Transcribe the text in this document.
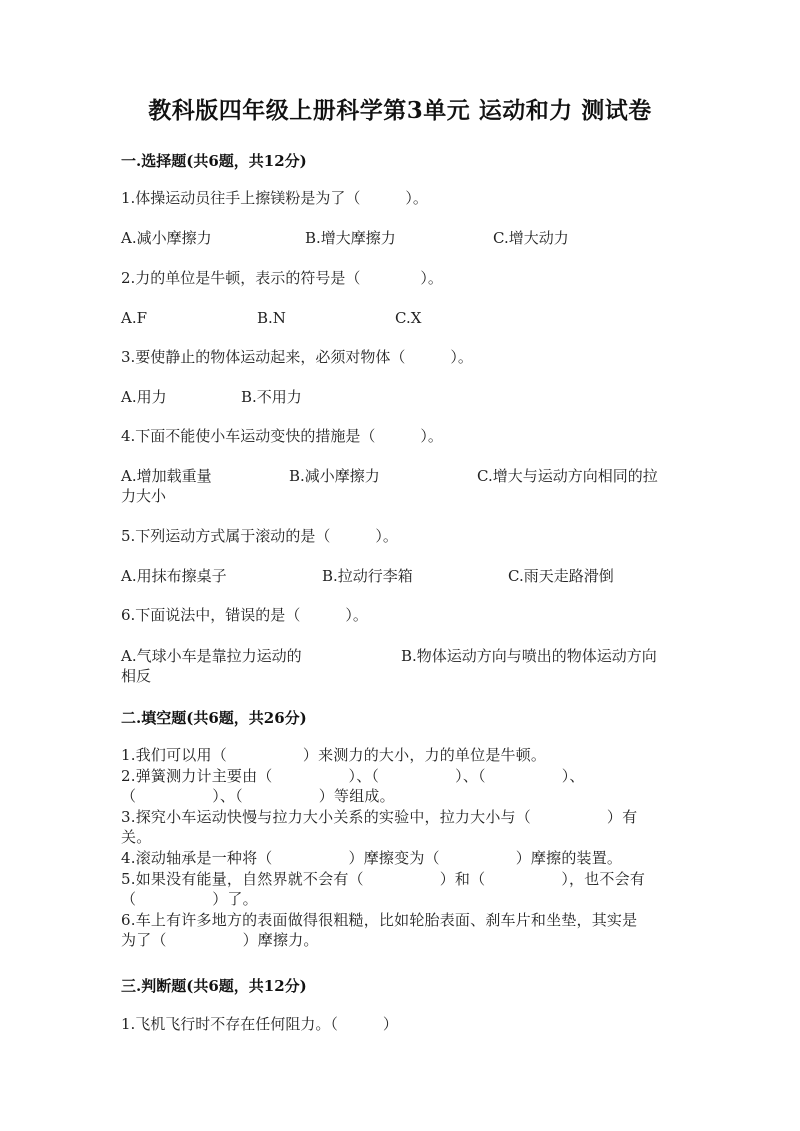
教科版四年级上册科学第3单元 运动和力 测试卷
一.选择题(共6题，共12分)
1.体操运动员往手上擦镁粉是为了（　　　）。
A.减小摩擦力	B.增大摩擦力	C.增大动力
2.力的单位是牛顿，表示的符号是（　　　　）。
A.F	B.N	C.X
3.要使静止的物体运动起来，必须对物体（　　　）。
A.用力	B.不用力
4.下面不能使小车运动变快的措施是（　　　）。
A.增加载重量	B.减小摩擦力	C.增大与运动方向相同的拉
力大小
5.下列运动方式属于滚动的是（　　　）。
A.用抹布擦桌子	B.拉动行李箱	C.雨天走路滑倒
6.下面说法中，错误的是（　　　）。
A.气球小车是靠拉力运动的	B.物体运动方向与喷出的物体运动方向
相反
二.填空题(共6题，共26分)
1.我们可以用（　　　　　）来测力的大小，力的单位是牛顿。
2.弹簧测力计主要由（　　　　　）、（　　　　　）、（　　　　　）、
（　　　　　）、（　　　　　）等组成。
3.探究小车运动快慢与拉力大小关系的实验中，拉力大小与（　　　　　）有
关。
4.滚动轴承是一种将（　　　　　）摩擦变为（　　　　　）摩擦的装置。
5.如果没有能量，自然界就不会有（　　　　　）和（　　　　　），也不会有
（　　　　　）了。
6.车上有许多地方的表面做得很粗糙，比如轮胎表面、刹车片和坐垫，其实是
为了（　　　　　）摩擦力。
三.判断题(共6题，共12分)
1.飞机飞行时不存在任何阻力。（　　　）
